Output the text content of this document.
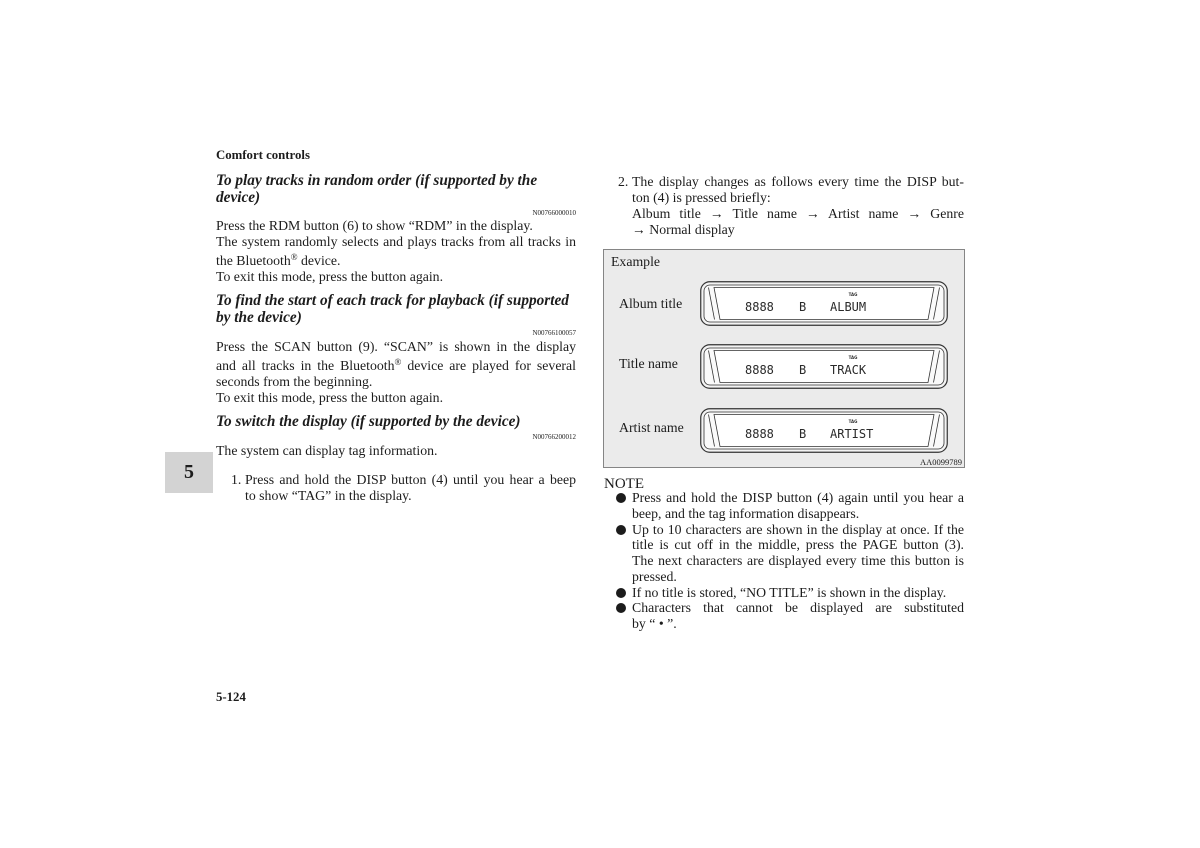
Comfort controls
5
5-124
To play tracks in random order (if supported by the
device)
N00766000010
Press the RDM button (6) to show “RDM” in the display.
The system randomly selects and plays tracks from all tracks in
the Bluetooth® device.
To exit this mode, press the button again.
To find the start of each track for playback (if supported
by the device)
N00766100057
Press the SCAN button (9). “SCAN” is shown in the display
and all tracks in the Bluetooth® device are played for several
seconds from the beginning.
To exit this mode, press the button again.
To switch the display (if supported by the device)
N00766200012
The system can display tag information.
1. Press and hold the DISP button (4) until you hear a beep
to show “TAG” in the display.
2. The display changes as follows every time the DISP but-
ton (4) is pressed briefly:
Album title → Title name → Artist name → Genre
→ Normal display
Example
Album title
Title name
Artist name
TAG
8888 B ALBUM
TAG
8888 B TRACK
TAG
8888 B ARTIST
AA0099789
NOTE
Press and hold the DISP button (4) again until you hear a
beep, and the tag information disappears.
Up to 10 characters are shown in the display at once. If the
title is cut off in the middle, press the PAGE button (3).
The next characters are displayed every time this button is
pressed.
If no title is stored, “NO TITLE” is shown in the display.
Characters that cannot be displayed are substituted
by “ • ”.
